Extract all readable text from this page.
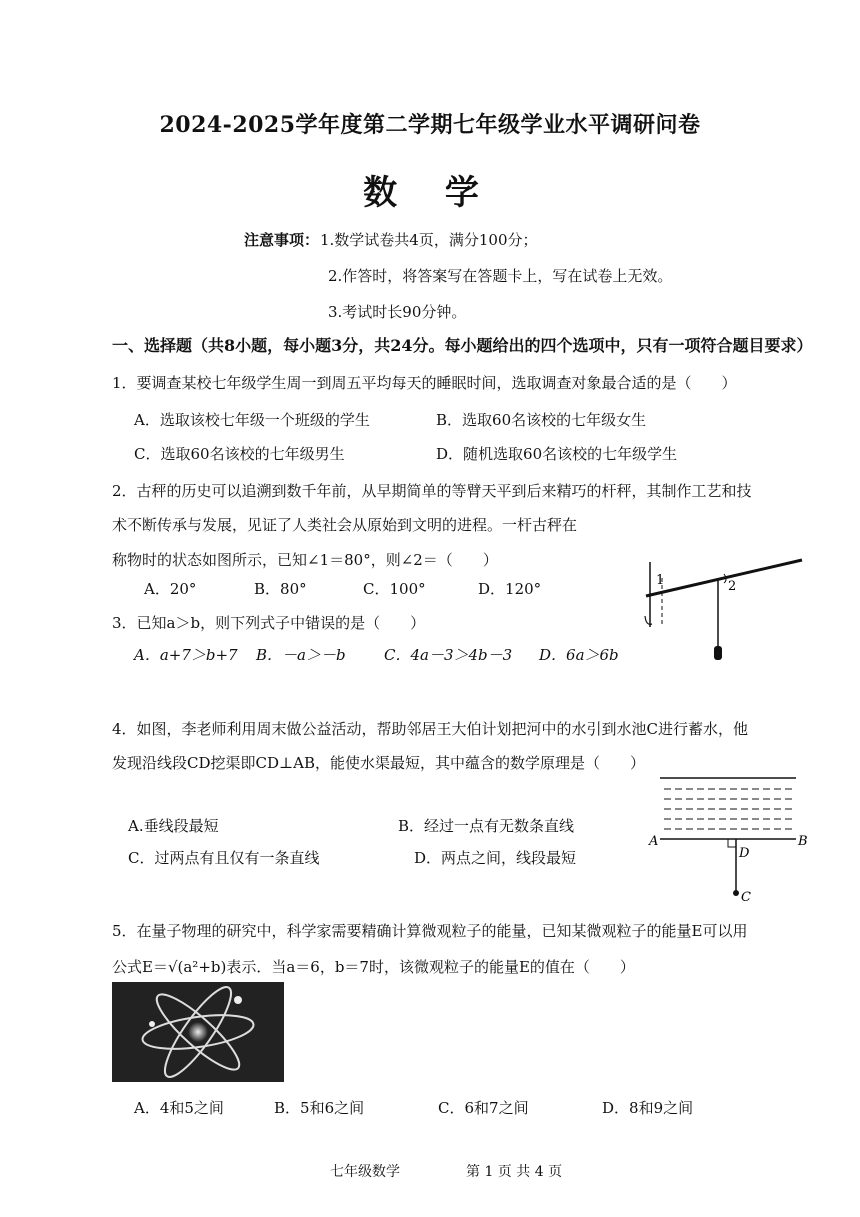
2024-2025学年度第二学期七年级学业水平调研问卷
数 学
注意事项： 1.数学试卷共4页，满分100分；
2.作答时，将答案写在答题卡上，写在试卷上无效。
3.考试时长90分钟。
一、选择题（共8小题，每小题3分，共24分。每小题给出的四个选项中，只有一项符合题目要求）
1．要调查某校七年级学生周一到周五平均每天的睡眠时间，选取调查对象最合适的是（　　）
A．选取该校七年级一个班级的学生	B．选取60名该校的七年级女生
C．选取60名该校的七年级男生	D．随机选取60名该校的七年级学生
2．古秤的历史可以追溯到数千年前，从早期简单的等臂天平到后来精巧的杆秤，其制作工艺和技
术不断传承与发展，见证了人类社会从原始到文明的进程。一杆古秤在
称物时的状态如图所示，已知∠1＝80°，则∠2＝（　　）
A．20°	B．80°	C．100°	D．120°	1	2
3．已知a＞b，则下列式子中错误的是（　　）
A．a+7＞b+7 B．－a＞－b	C．4a－3＞4b－3 D．6a＞6b
4．如图，李老师利用周末做公益活动，帮助邻居王大伯计划把河中的水引到水池C进行蓄水，他
发现沿线段CD挖渠即CD⊥AB，能使水渠最短，其中蕴含的数学原理是（　　）
A.垂线段最短	B．经过一点有无数条直线
C．过两点有且仅有一条直线	D．两点之间，线段最短
A
D
B
C
5．在量子物理的研究中，科学家需要精确计算微观粒子的能量，已知某微观粒子的能量E可以用
公式E＝√(a²+b)表示．当a＝6，b＝7时，该微观粒子的能量E的值在（　　）
A．4和5之间	B．5和6之间	C．6和7之间	D．8和9之间
七年级数学	第 1 页 共 4 页
